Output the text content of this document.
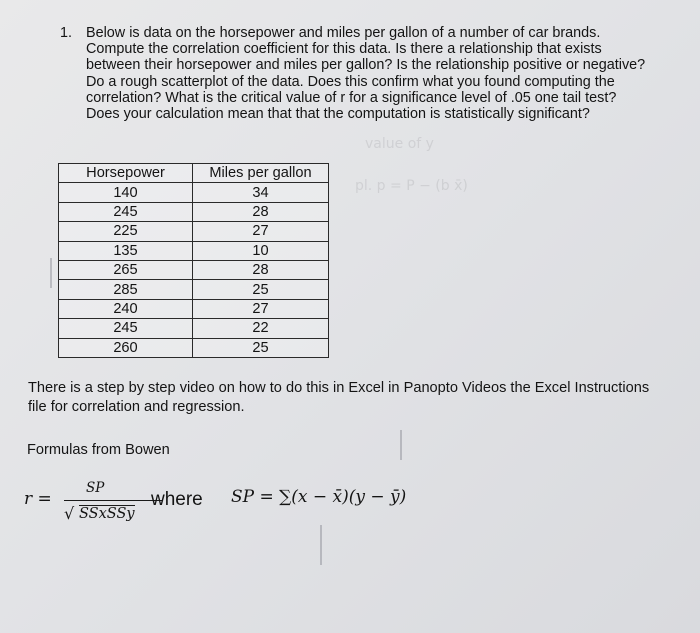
pl. p = P − (b x̄)
value of y
1. Below is data on the horsepower and miles per gallon of a number of car brands. Compute the correlation coefficient for this data. Is there a relationship that exists between their horsepower and miles per gallon? Is the relationship positive or negative? Do a rough scatterplot of the data. Does this confirm what you found computing the correlation? What is the critical value of r for a significance level of .05 one tail test? Does your calculation mean that that the computation is statistically significant?
Horsepower	Miles per gallon
140	34
245	28
225	27
135	10
265	28
285	25
240	27
245	22
260	25
There is a step by step video on how to do this in Excel in Panopto Videos the Excel Instructions file for correlation and regression.
Formulas from Bowen
r =
SP
√ SSxSSy
where SP = ∑(x − x̄)(y − ȳ)
